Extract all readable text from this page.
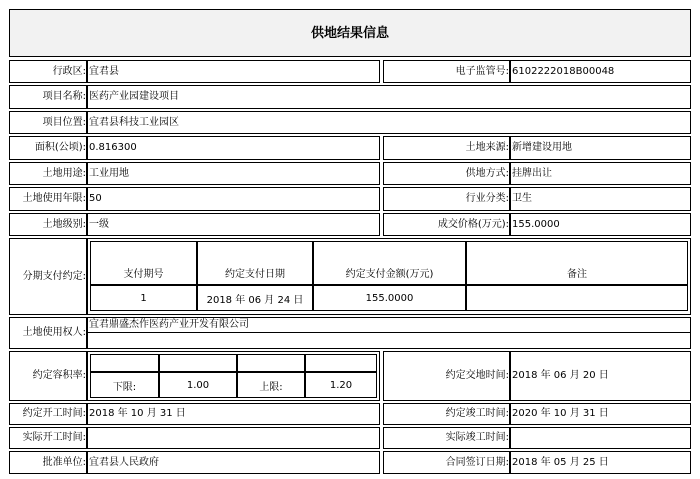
供地结果信息
行政区: 宜君县	电子监管号: 6102222018B00048
项目名称: 医药产业园建设项目
项目位置: 宜君县科技工业园区
面积(公顷): 0.816300	土地来源: 新增建设用地
土地用途: 工业用地	供地方式: 挂牌出让
土地使用年限: 50	行业分类: 卫生
土地级别: 一级	成交价格(万元): 155.0000
分期支付约定:	支付期号	约定支付日期	约定支付金额(万元)	备注
1	2018 年 06 月 24 日	155.0000
土地使用权人:
宜君鼎盛杰作医药产业开发有限公司
约定容积率:
下限:	1.00	上限:	1.20
约定交地时间: 2018 年 06 月 20 日
约定开工时间: 2018 年 10 月 31 日	约定竣工时间: 2020 年 10 月 31 日
实际开工时间:	实际竣工时间:
批准单位: 宜君县人民政府	合同签订日期: 2018 年 05 月 25 日
